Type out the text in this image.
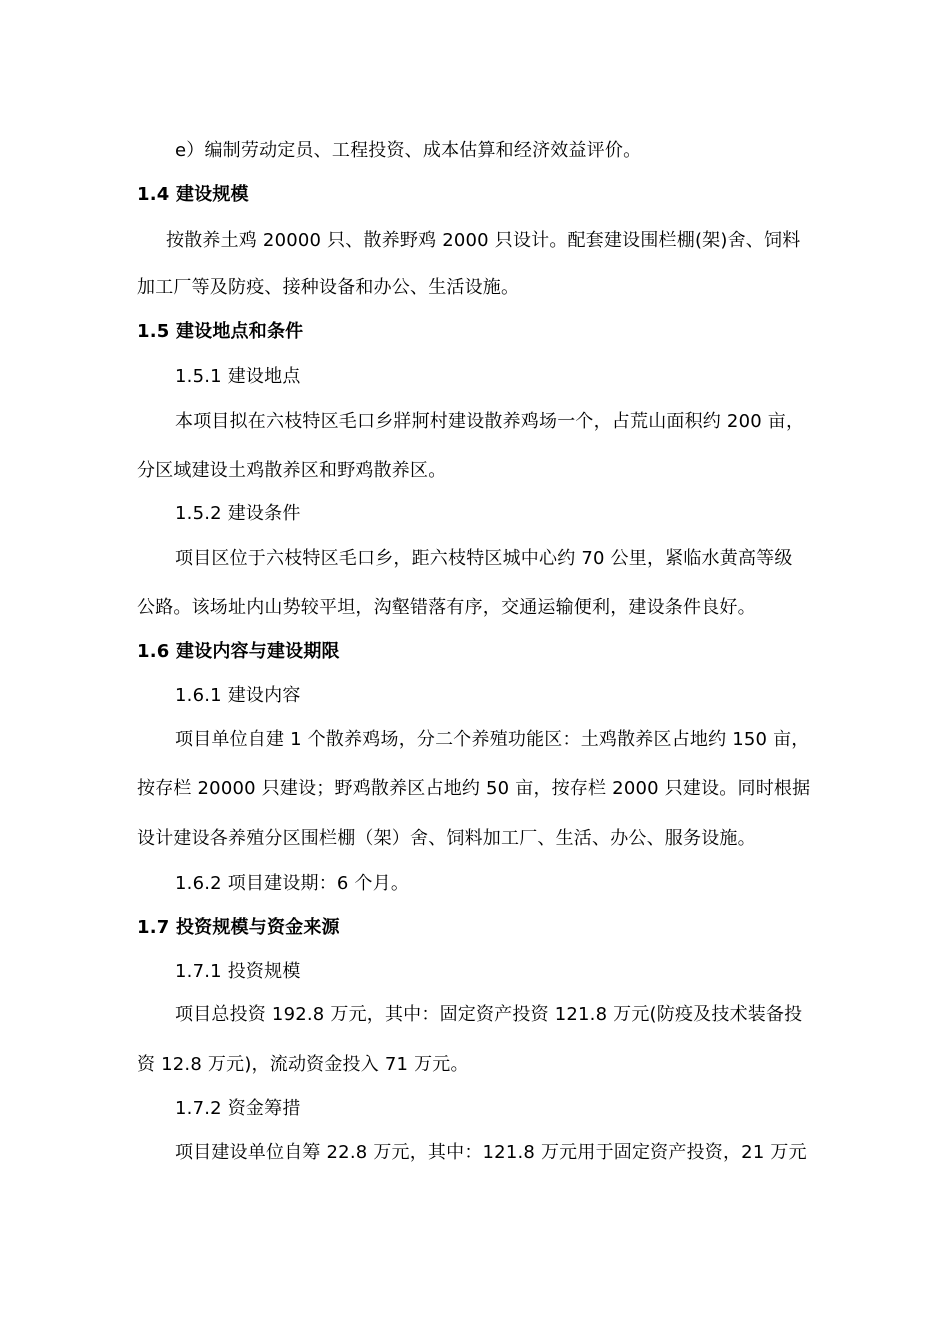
e）编制劳动定员、工程投资、成本估算和经济效益评价。
1.4 建设规模
按散养土鸡 20000 只、散养野鸡 2000 只设计。配套建设围栏棚(架)舍、饲料
加工厂等及防疫、接种设备和办公、生活设施。
1.5 建设地点和条件
1.5.1 建设地点
本项目拟在六枝特区毛口乡牂牁村建设散养鸡场一个，占荒山面积约 200 亩，
分区域建设土鸡散养区和野鸡散养区。
1.5.2 建设条件
项目区位于六枝特区毛口乡，距六枝特区城中心约 70 公里，紧临水黄高等级
公路。该场址内山势较平坦，沟壑错落有序，交通运输便利，建设条件良好。
1.6 建设内容与建设期限
1.6.1 建设内容
项目单位自建 1 个散养鸡场，分二个养殖功能区：土鸡散养区占地约 150 亩，
按存栏 20000 只建设；野鸡散养区占地约 50 亩，按存栏 2000 只建设。同时根据
设计建设各养殖分区围栏棚（架）舍、饲料加工厂、生活、办公、服务设施。
1.6.2 项目建设期：6 个月。
1.7 投资规模与资金来源
1.7.1 投资规模
项目总投资 192.8 万元，其中：固定资产投资 121.8 万元(防疫及技术装备投
资 12.8 万元)，流动资金投入 71 万元。
1.7.2 资金筹措
项目建设单位自筹 22.8 万元，其中：121.8 万元用于固定资产投资，21 万元
